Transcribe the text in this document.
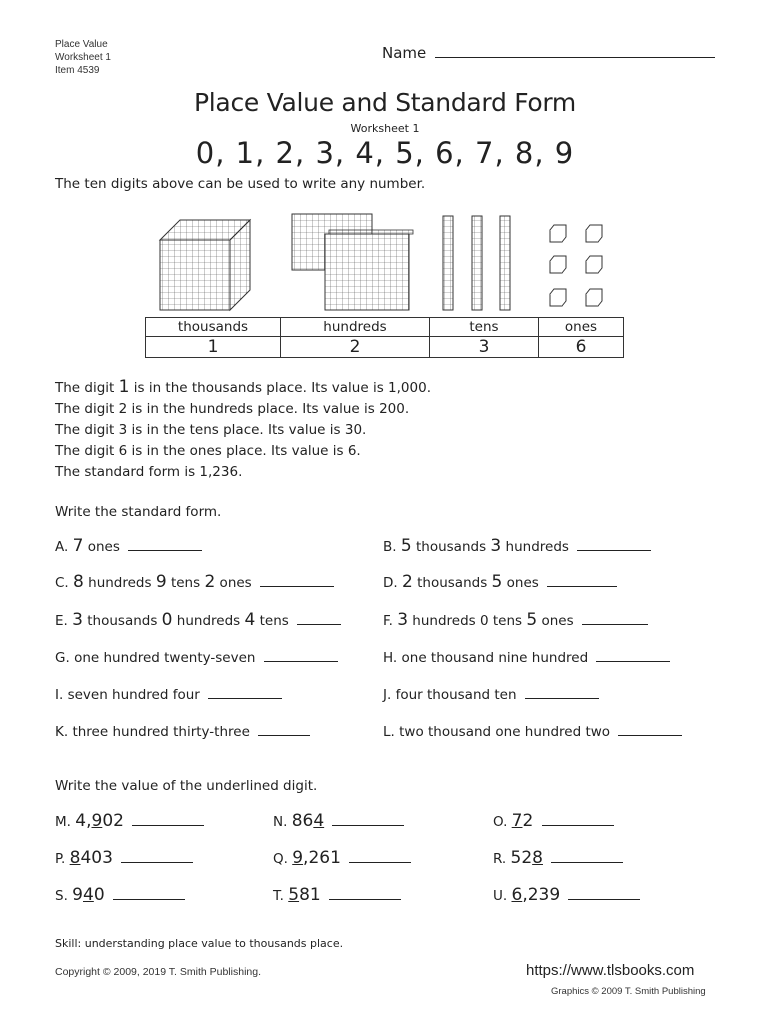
Place Value
Worksheet 1
Item 4539
Name
Place Value and Standard Form
Worksheet 1
0, 1, 2, 3, 4, 5, 6, 7, 8, 9
The ten digits above can be used to write any number.
thousands	hundreds	tens	ones
1	2	3	6
The digit 1 is in the thousands place. Its value is 1,000.
The digit 2 is in the hundreds place. Its value is 200.
The digit 3 is in the tens place. Its value is 30.
The digit 6 is in the ones place. Its value is 6.
The standard form is 1,236.
Write the standard form.
A. 7 ones	B. 5 thousands 3 hundreds
C. 8 hundreds 9 tens 2 ones	D. 2 thousands 5 ones
E. 3 thousands 0 hundreds 4 tens	F. 3 hundreds 0 tens 5 ones
G. one hundred twenty-seven	H. one thousand nine hundred
I. seven hundred four	J. four thousand ten
K. three hundred thirty-three	L. two thousand one hundred two
Write the value of the underlined digit.
M. 4,902	N. 864	O. 72
P. 8403	Q. 9,261	R. 528
S. 940	T. 581	U. 6,239
Skill: understanding place value to thousands place.
Copyright © 2009, 2019 T. Smith Publishing.	https://www.tlsbooks.com
Graphics © 2009 T. Smith Publishing
